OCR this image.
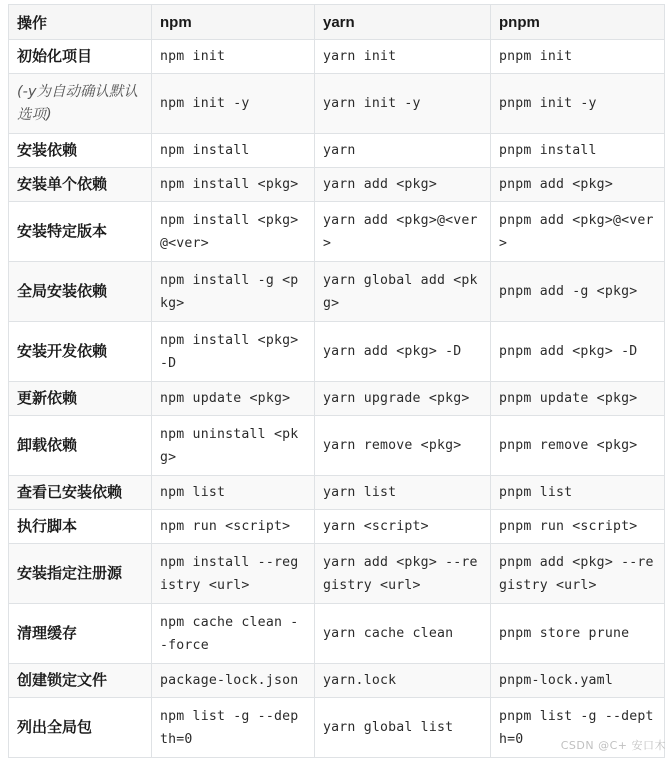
操作	npm	yarn	pnpm
初始化项目	npm init	yarn init	pnpm init
(-y为自动确认默认选项)	npm init -y	yarn init -y	pnpm init -y
安装依赖	npm install	yarn	pnpm install
安装单个依赖	npm install <pkg>	yarn add <pkg>	pnpm add <pkg>
安装特定版本	npm install <pkg>@<ver>	yarn add <pkg>@<ver>	pnpm add <pkg>@<ver>
全局安装依赖	npm install -g <pkg>	yarn global add <pkg>	pnpm add -g <pkg>
安装开发依赖	npm install <pkg> -D	yarn add <pkg> -D	pnpm add <pkg> -D
更新依赖	npm update <pkg>	yarn upgrade <pkg>	pnpm update <pkg>
卸载依赖	npm uninstall <pkg>	yarn remove <pkg>	pnpm remove <pkg>
查看已安装依赖	npm list	yarn list	pnpm list
执行脚本	npm run <script>	yarn <script>	pnpm run <script>
安装指定注册源	npm install --registry <url>	yarn add <pkg> --registry <url>	pnpm add <pkg> --registry <url>
清理缓存	npm cache clean --force	yarn cache clean	pnpm store prune
创建锁定文件	package-lock.json	yarn.lock	pnpm-lock.yaml
列出全局包	npm list -g --depth=0	yarn global list	pnpm list -g --depth=0	CSDN @C+ 安口木
